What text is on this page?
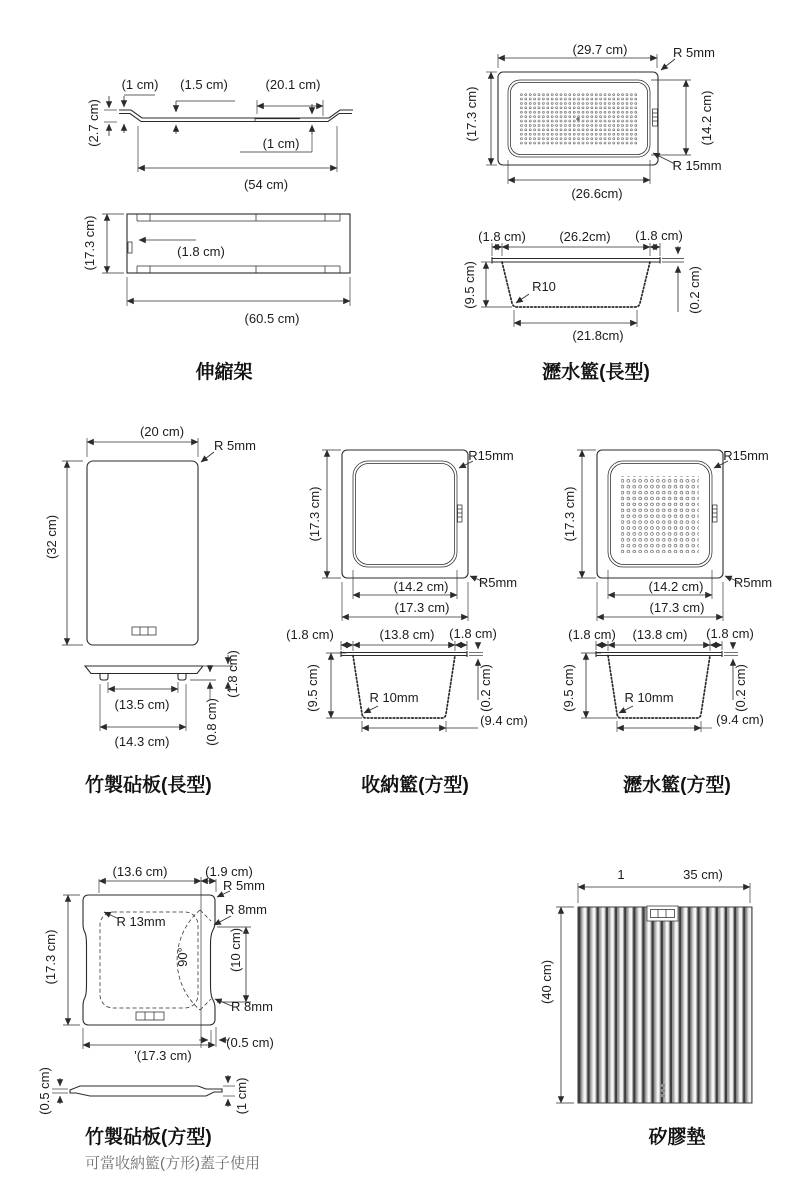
(2.7 cm)
(1 cm) (1.5 cm)	(20.1 cm)
(1 cm)
(54 cm)
(17.3 cm)	(1.8 cm)
(60.5 cm)
伸縮架
(29.7 cm)	R 5mm
(17.3 cm)	(14.2 cm)
R 15mm
(26.6cm)
(1.8 cm)	(26.2cm) (1.8 cm)
(9.5 cm)	R10
(21.8cm)
(0.2 cm)
瀝水籃(長型)
(20 cm)
R 5mm
(32 cm)
(13.5 cm)
(14.3 cm)	(0.8 cm)
(1.8 cm)
竹製砧板(長型)
(17.3 cm)
R15mm
R5mm
(14.2 cm)
(17.3 cm)
(1.8 cm)	(13.8 cm) (1.8 cm)
(9.5 cm)	R 10mm	(0.2 cm)
(9.4 cm)
收納籃(方型)
(17.3 cm)
R15mm
R5mm
(14.2 cm)
(17.3 cm)
(1.8 cm) (13.8 cm) (1.8 cm)
(9.5 cm)	R 10mm	(0.2 cm)
(9.4 cm)
瀝水籃(方型)
(13.6 cm)	(1.9 cm)
R 5mm
R 8mm
R 13mm
90°	(10 cm)
(17.3 cm)
R 8mm
(0.5 cm)
'(17.3 cm)
(0.5 cm)	(1 cm)
竹製砧板(方型)
可當收納籃(方形)蓋子使用
1	35 cm)
(40 cm)
矽膠墊
